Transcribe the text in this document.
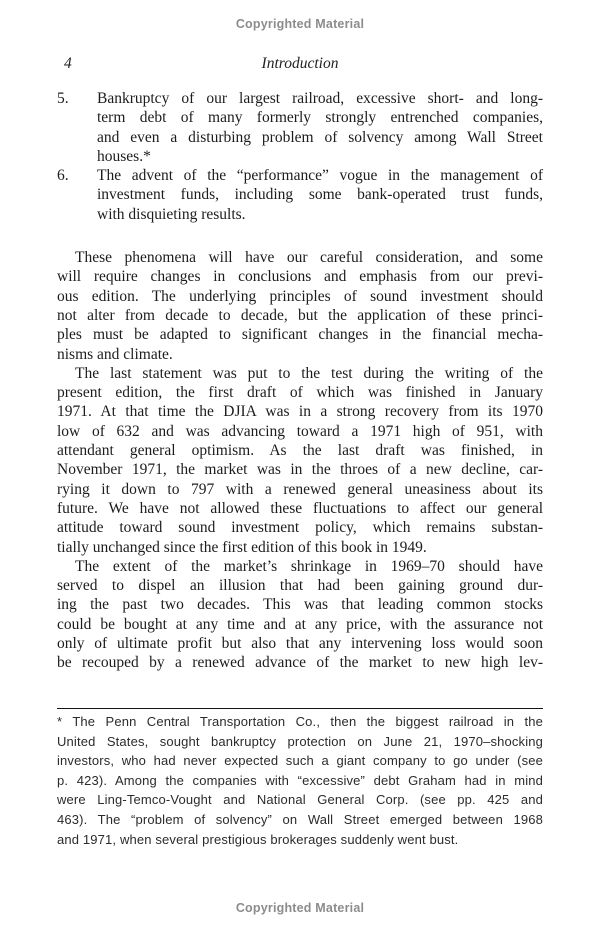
Copyrighted Material
4	Introduction
5. Bankruptcy of our largest railroad, excessive short- and long-
term debt of many formerly strongly entrenched companies,
and even a disturbing problem of solvency among Wall Street
houses.*
6. The advent of the “performance” vogue in the management of
investment funds, including some bank-operated trust funds,
with disquieting results.
These phenomena will have our careful consideration, and some
will require changes in conclusions and emphasis from our previ-
ous edition. The underlying principles of sound investment should
not alter from decade to decade, but the application of these princi-
ples must be adapted to significant changes in the financial mecha-
nisms and climate.
The last statement was put to the test during the writing of the
present edition, the first draft of which was finished in January
1971. At that time the DJIA was in a strong recovery from its 1970
low of 632 and was advancing toward a 1971 high of 951, with
attendant general optimism. As the last draft was finished, in
November 1971, the market was in the throes of a new decline, car-
rying it down to 797 with a renewed general uneasiness about its
future. We have not allowed these fluctuations to affect our general
attitude toward sound investment policy, which remains substan-
tially unchanged since the first edition of this book in 1949.
The extent of the market’s shrinkage in 1969–70 should have
served to dispel an illusion that had been gaining ground dur-
ing the past two decades. This was that leading common stocks
could be bought at any time and at any price, with the assurance not
only of ultimate profit but also that any intervening loss would soon
be recouped by a renewed advance of the market to new high lev-
* The Penn Central Transportation Co., then the biggest railroad in the
United States, sought bankruptcy protection on June 21, 1970–shocking
investors, who had never expected such a giant company to go under (see
p. 423). Among the companies with “excessive” debt Graham had in mind
were Ling-Temco-Vought and National General Corp. (see pp. 425 and
463). The “problem of solvency” on Wall Street emerged between 1968
and 1971, when several prestigious brokerages suddenly went bust.
Copyrighted Material
